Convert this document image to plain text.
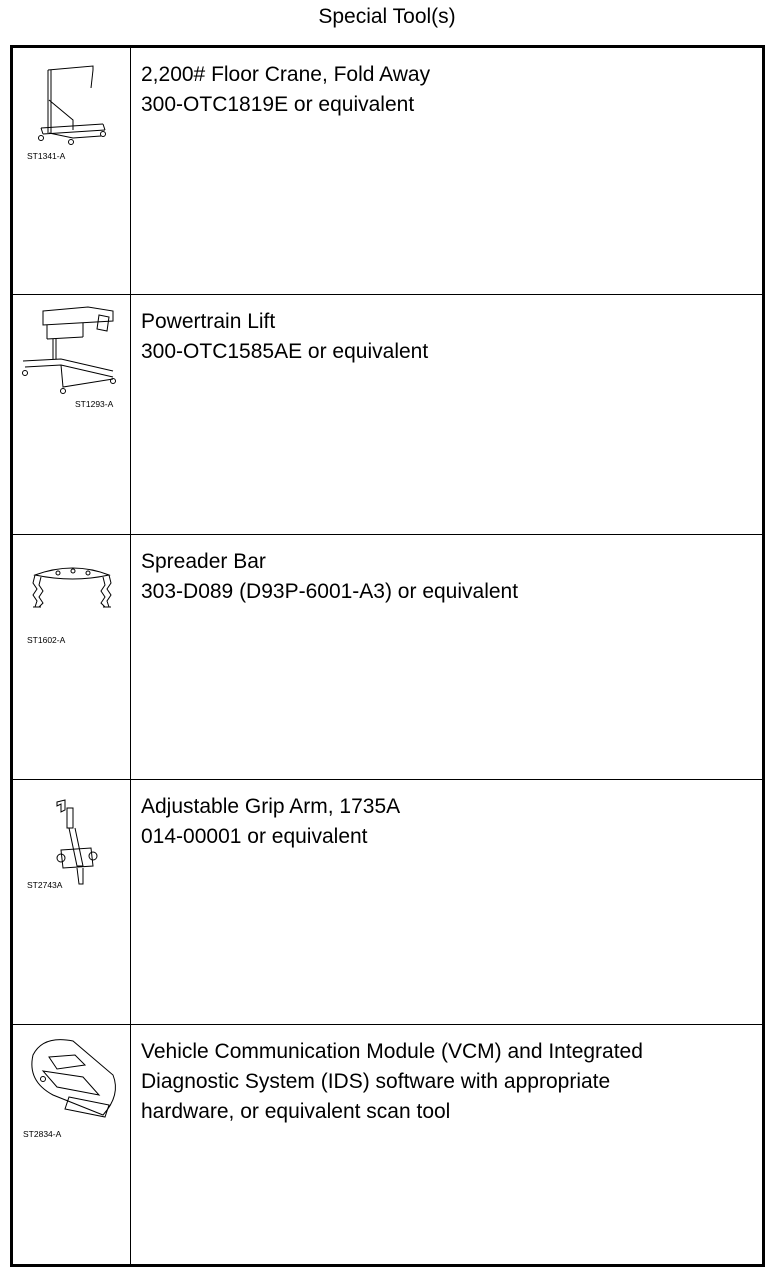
Special Tool(s)
ST1341-A
2,200# Floor Crane, Fold Away
300-OTC1819E or equivalent
ST1293-A
Powertrain Lift
300-OTC1585AE or equivalent
ST1602-A
Spreader Bar
303-D089 (D93P-6001-A3) or equivalent
ST2743A
Adjustable Grip Arm, 1735A
014-00001 or equivalent
ST2834-A
Vehicle Communication Module (VCM) and Integrated
Diagnostic System (IDS) software with appropriate
hardware, or equivalent scan tool
